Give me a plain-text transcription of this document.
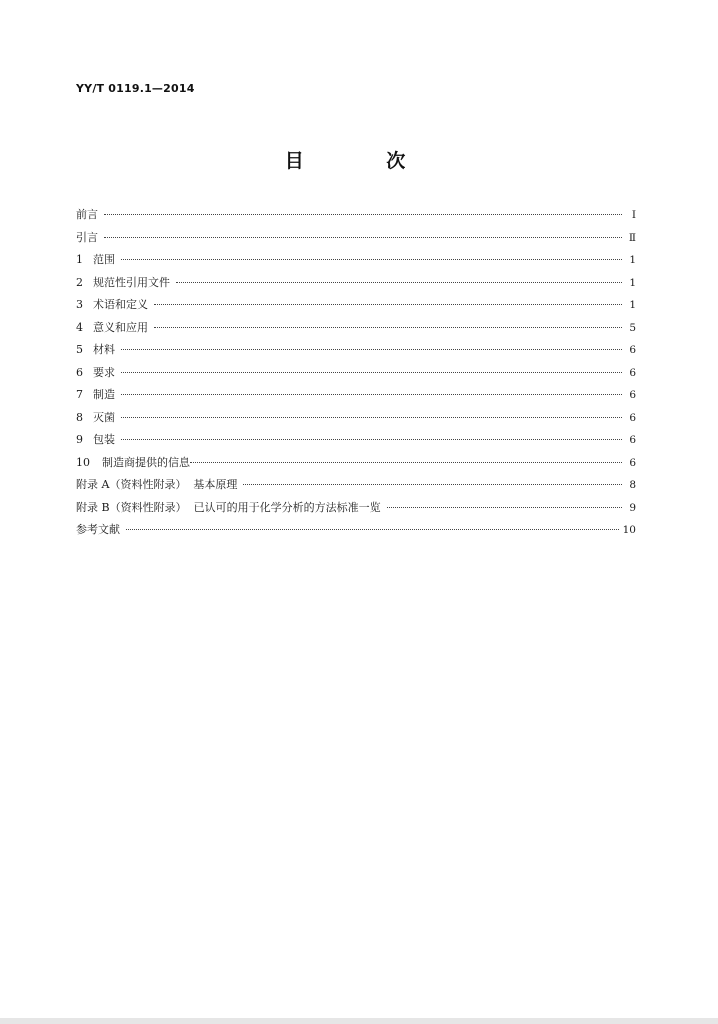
YY/T 0119.1—2014
目 次
前言	Ⅰ
引言	Ⅱ
1 范围	1
2 规范性引用文件	1
3 术语和定义	1
4 意义和应用	5
5 材料	6
6 要求	6
7 制造	6
8 灭菌	6
9 包装	6
10	制造商提供的信息	6
附录 A（资料性附录）  基本原理	8
附录 B（资料性附录）  已认可的用于化学分析的方法标准一览	9
参考文献	10
